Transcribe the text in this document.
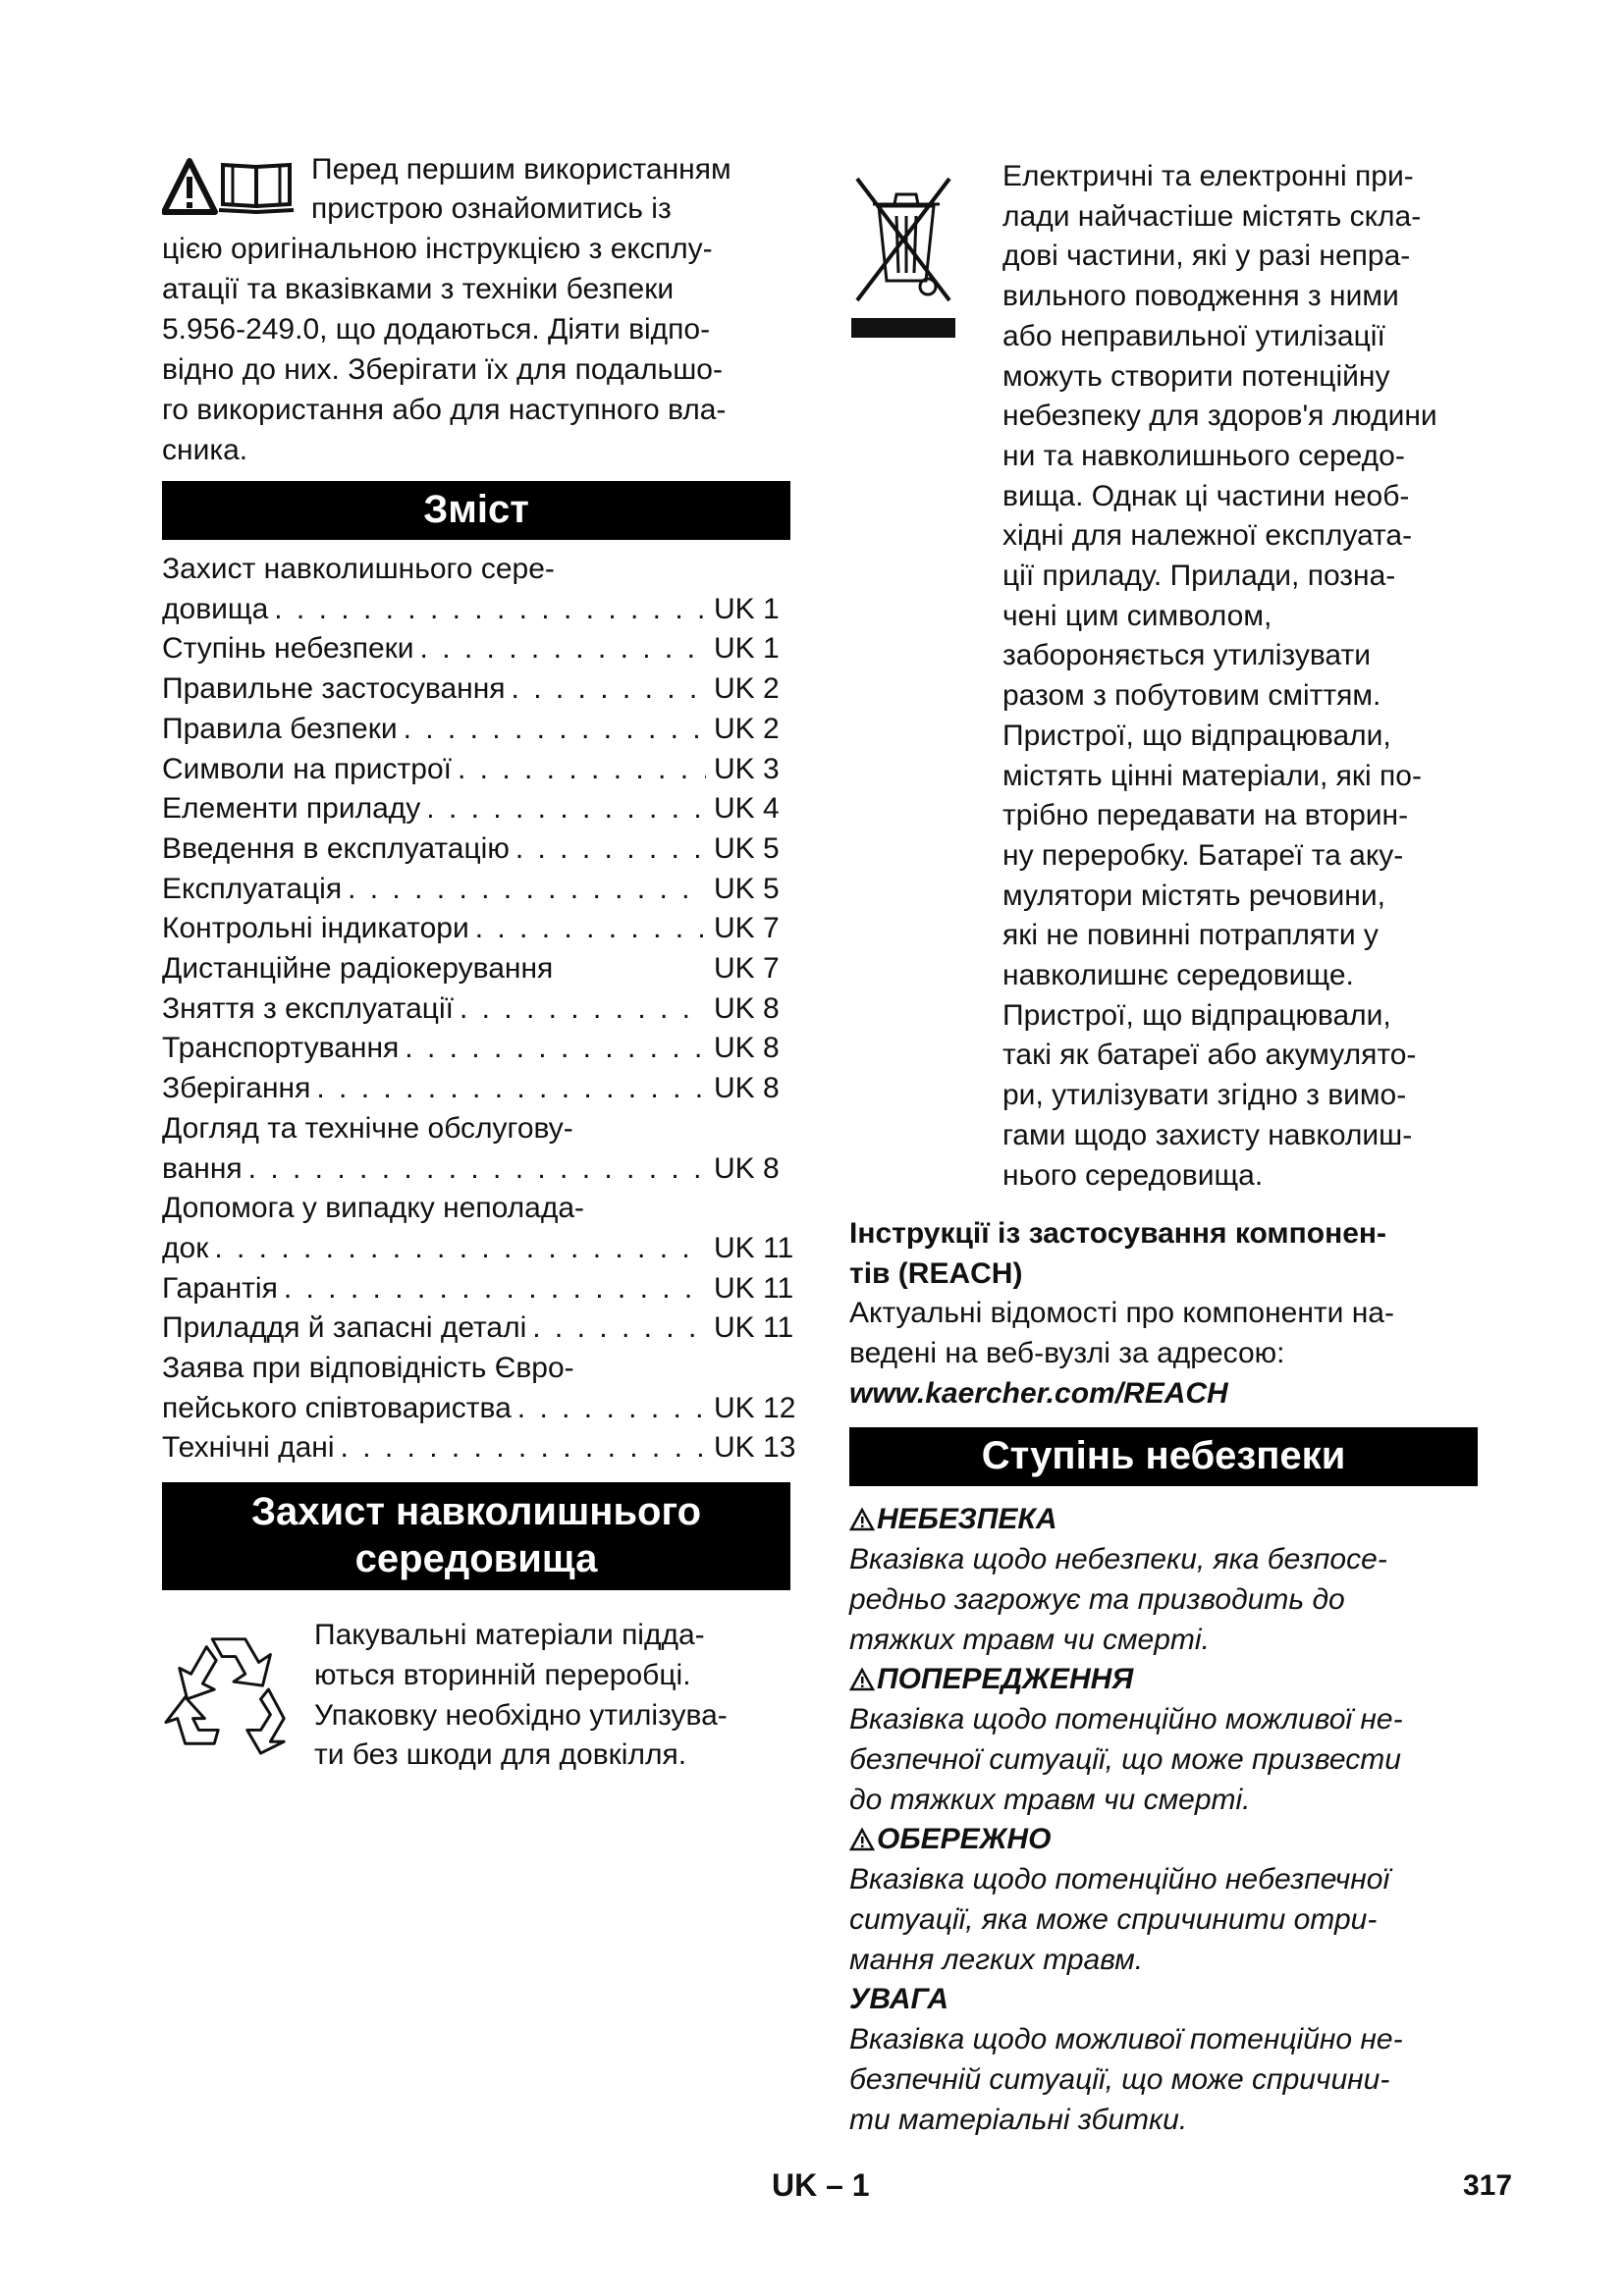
Перед першим використанням
пристрою ознайомитись із
цією оригінальною інструкцією з експлу-
атації та вказівками з техніки безпеки
5.956-249.0, що додаються. Діяти відпо-
відно до них. Зберігати їх для подальшо-
го використання або для наступного вла-
сника.
Зміст
Захист навколишнього сере-
довища . . .	UK 1
Ступінь небезпеки . . .	UK 1
Правильне застосування . . .	UK 2
Правила безпеки . . .	UK 2
Символи на пристрої . . .	UK 3
Елементи приладу . . .	UK 4
Введення в експлуатацію . . .	UK 5
Експлуатація . . .	UK 5
Контрольні індикатори . . .	UK 7
Дистанційне радіокерування	UK 7
Зняття з експлуатації . . .	UK 8
Транспортування . . .	UK 8
Зберігання . . .	UK 8
Догляд та технічне обслугову-
вання . . .	UK 8
Допомога у випадку неполада-
док . . .	UK 11
Гарантія . . .	UK 11
Приладдя й запасні деталі . . .	UK 11
Заява при відповідність Євро-
пейського співтовариства . . .	UK 12
Технічні дані . . .	UK 13
Захист навколишнього
середовища

Пакувальні матеріали підда-

ються вторинній переробці.

Упаковку необхідно утилізува-

ти без шкоди для довкілля.

Електричні та електронні при-

лади найчастіше містять скла-

дові частини, які у разі непра-

вильного поводження з ними

або неправильної утилізації

можуть створити потенційну

небезпеку для здоров'я людини

ни та навколишнього середо-

вища. Однак ці частини необ-

хідні для належної експлуата-

ції приладу. Прилади, позна-

чені цим символом,

забороняється утилізувати

разом з побутовим сміттям.

Пристрої, що відпрацювали,

містять цінні матеріали, які по-

трібно передавати на вторин-

ну переробку. Батареї та аку-

мулятори містять речовини,

які не повинні потрапляти у

навколишнє середовище.

Пристрої, що відпрацювали,

такі як батареї або акумулято-

ри, утилізувати згідно з вимо-

гами щодо захисту навколиш-

нього середовища.

Інструкції із застосування компонен-

тів (REACH)

Актуальні відомості про компоненти на-

ведені на веб-вузлі за адресою:

www.kaercher.com/REACH

Ступінь небезпеки

НЕБЕЗПЕКА

Вказівка щодо небезпеки, яка безпосе-

редньо загрожує та призводить до

тяжких травм чи смерті.

ПОПЕРЕДЖЕННЯ

Вказівка щодо потенційно можливої не-

безпечної ситуації, що може призвести

до тяжких травм чи смерті.

ОБЕРЕЖНО

Вказівка щодо потенційно небезпечної

ситуації, яка може спричинити отри-

мання легких травм.

УВАГА

Вказівка щодо можливої потенційно не-

безпечній ситуації, що може спричини-

ти матеріальні збитки.

UK – 1	317
